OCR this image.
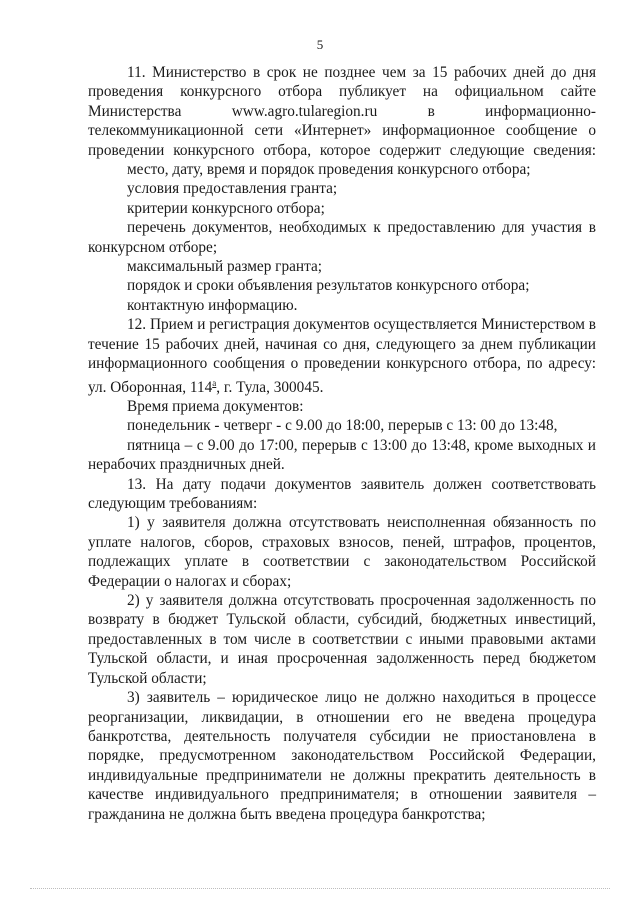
5

11. Министерство в срок не позднее чем за 15 рабочих дней до дня

проведения конкурсного отбора публикует на официальном сайте

Министерства www.agro.tularegion.ru в информационно-

телекоммуникационной сети «Интернет» информационное сообщение о

проведении конкурсного отбора, которое содержит следующие сведения:

место, дату, время и порядок проведения конкурсного отбора;

условия предоставления гранта;

критерии конкурсного отбора;

перечень документов, необходимых к предоставлению для участия в

конкурсном отборе;

максимальный размер гранта;

порядок и сроки объявления результатов конкурсного отбора;

контактную информацию.

12. Прием и регистрация документов осуществляется Министерством в

течение 15 рабочих дней, начиная со дня, следующего за днем публикации

информационного сообщения о проведении конкурсного отбора, по адресу:

ул. Оборонная, $114^а$, г. Тула, 300045.

Время приема документов:

понедельник - четверг - с 9.00 до 18:00, перерыв с 13: 00 до 13:48,

пятница – с 9.00 до 17:00, перерыв с 13:00 до 13:48, кроме выходных и

нерабочих праздничных дней.

13. На дату подачи документов заявитель должен соответствовать

следующим требованиям:

1) у заявителя должна отсутствовать неисполненная обязанность по

уплате налогов, сборов, страховых взносов, пеней, штрафов, процентов,

подлежащих уплате в соответствии с законодательством Российской

Федерации о налогах и сборах;

2) у заявителя должна отсутствовать просроченная задолженность по

возврату в бюджет Тульской области, субсидий, бюджетных инвестиций,

предоставленных в том числе в соответствии с иными правовыми актами

Тульской области, и иная просроченная задолженность перед бюджетом

Тульской области;

3) заявитель – юридическое лицо не должно находиться в процессе

реорганизации, ликвидации, в отношении его не введена процедура

банкротства, деятельность получателя субсидии не приостановлена в

порядке, предусмотренном законодательством Российской Федерации,

индивидуальные предприниматели не должны прекратить деятельность в

качестве индивидуального предпринимателя; в отношении заявителя –

гражданина не должна быть введена процедура банкротства;
